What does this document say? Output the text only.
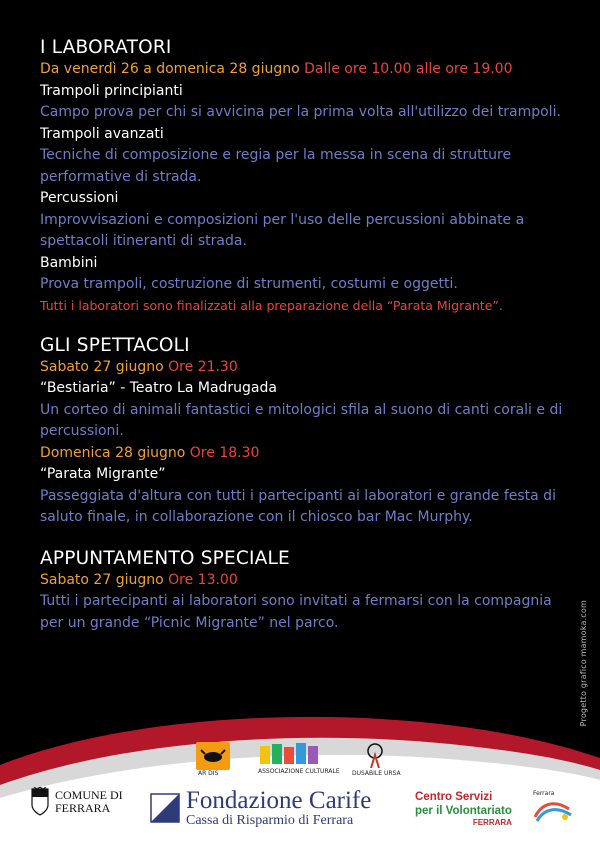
I LABORATORI
Da venerdì 26 a domenica 28 giugno Dalle ore 10.00 alle ore 19.00
Trampoli principianti
Campo prova per chi si avvicina per la prima volta all'utilizzo dei trampoli.
Trampoli avanzati
Tecniche di composizione e regia per la messa in scena di strutture performative di strada.
Percussioni
Improvvisazioni e composizioni per l'uso delle percussioni abbinate a spettacoli itineranti di strada.
Bambini
Prova trampoli, costruzione di strumenti, costumi e oggetti.
Tutti i laboratori sono finalizzati alla preparazione della “Parata Migrante”.
GLI SPETTACOLI
Sabato 27 giugno Ore 21.30
“Bestiaria” - Teatro La Madrugada
Un corteo di animali fantastici e mitologici sfila al suono di canti corali e di percussioni.
Domenica 28 giugno Ore 18.30
“Parata Migrante”
Passeggiata d'altura con tutti i partecipanti ai laboratori e grande festa di saluto finale, in collaborazione con il chiosco bar Mac Murphy.
APPUNTAMENTO SPECIALE
Sabato 27 giugno Ore 13.00
Tutti i partecipanti ai laboratori sono invitati a fermarsi con la compagnia per un grande “Picnic Migrante” nel parco.	Progetto grafico mamoka.com
AR DIS	ASSOCIAZIONE CULTURALE DUSABILE URSA
COMUNE DI
FERRARA	Fondazione Carife
Cassa di Risparmio di Ferrara
Centro Servizi
per il Volontariato
FERRARA
Ferrara
